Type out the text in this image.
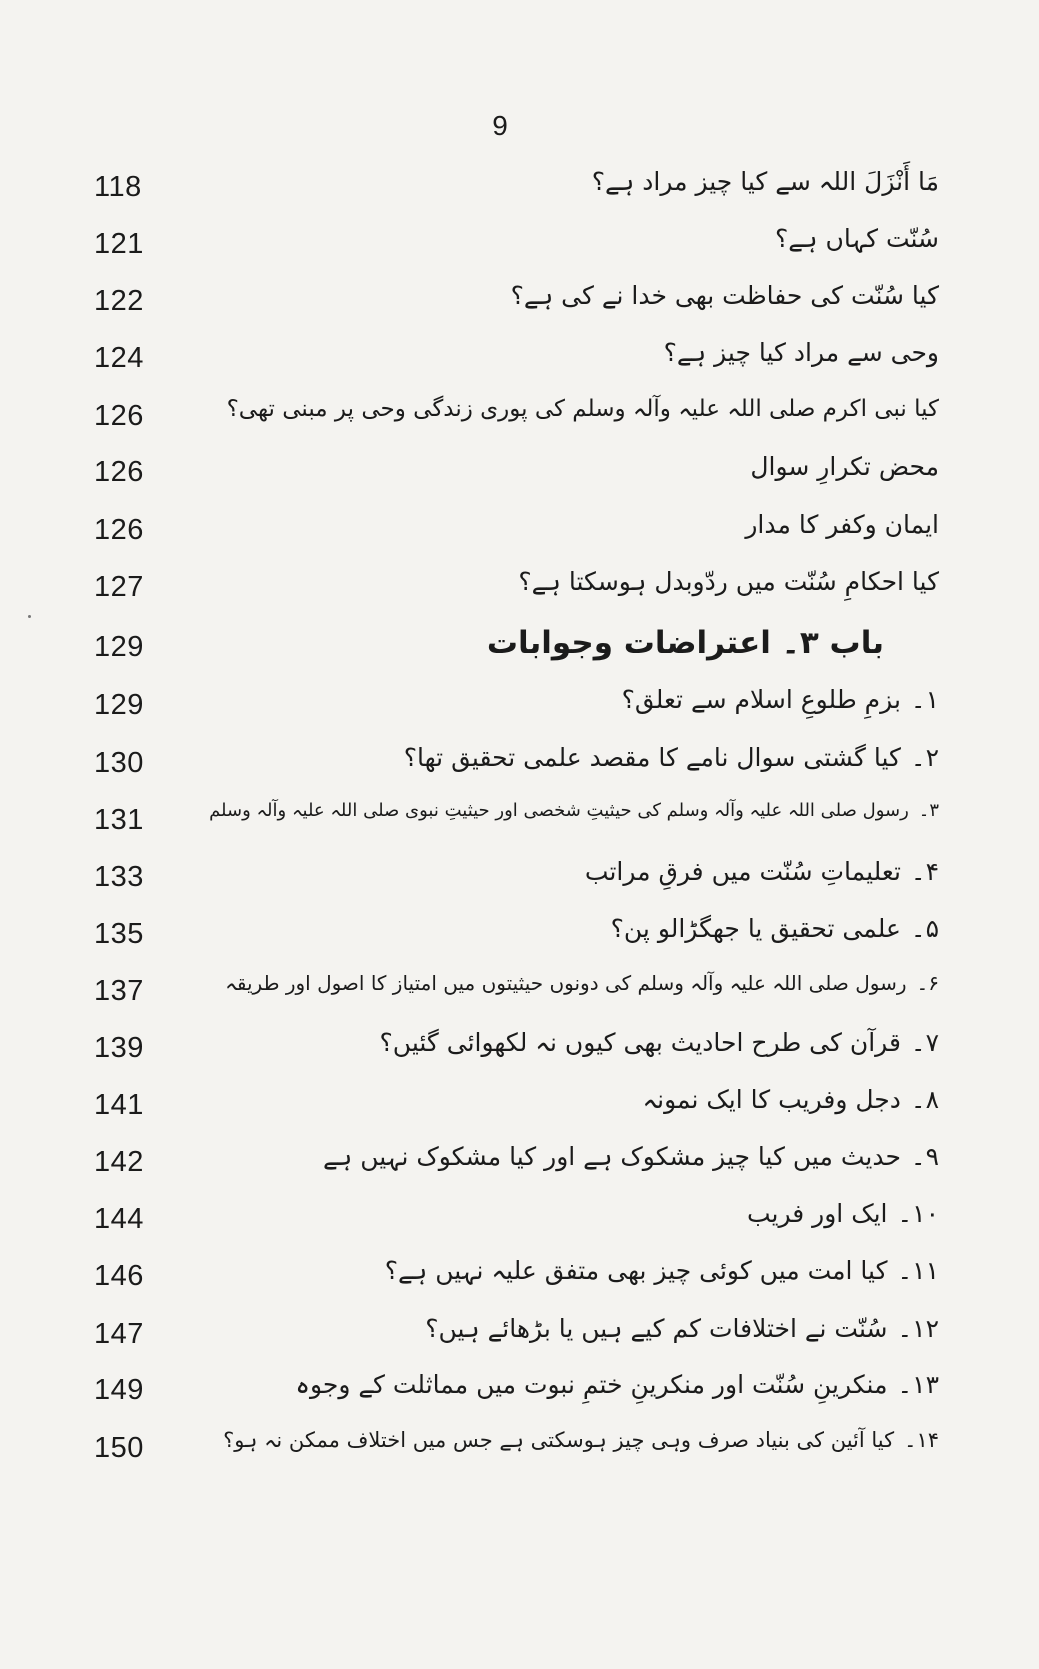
9
118	مَا أَنْزَلَ اللہ سے کیا چیز مراد ہے؟
121	سُنّت کہاں ہے؟
122	کیا سُنّت کی حفاظت بھی خدا نے کی ہے؟
124	وحی سے مراد کیا چیز ہے؟
126	کیا نبی اکرم صلی اللہ علیہ وآلہ وسلم کی پوری زندگی وحی پر مبنی تھی؟
126	محض تکرارِ سوال
126	ایمان وکفر کا مدار
127	کیا احکامِ سُنّت میں ردّوبدل ہوسکتا ہے؟
129	باب ۳۔ اعتراضات وجوابات
129	۱۔بزمِ طلوعِ اسلام سے تعلق؟
130	۲۔کیا گشتی سوال نامے کا مقصد علمی تحقیق تھا؟
131	۳۔رسول صلی اللہ علیہ وآلہ وسلم کی حیثیتِ شخصی اور حیثیتِ نبوی صلی اللہ علیہ وآلہ وسلم
133	۴۔تعلیماتِ سُنّت میں فرقِ مراتب
135	۵۔علمی تحقیق یا جھگڑالو پن؟
137	۶۔رسول صلی اللہ علیہ وآلہ وسلم کی دونوں حیثیتوں میں امتیاز کا اصول اور طریقہ
139	۷۔قرآن کی طرح احادیث بھی کیوں نہ لکھوائی گئیں؟
141	۸۔دجل وفریب کا ایک نمونہ
142	۹۔حدیث میں کیا چیز مشکوک ہے اور کیا مشکوک نہیں ہے
144	۱۰۔ایک اور فریب
146	۱۱۔کیا امت میں کوئی چیز بھی متفق علیہ نہیں ہے؟
147	۱۲۔سُنّت نے اختلافات کم کیے ہیں یا بڑھائے ہیں؟
149	۱۳۔منکرینِ سُنّت اور منکرینِ ختمِ نبوت میں مماثلت کے وجوہ
150	۱۴۔کیا آئین کی بنیاد صرف وہی چیز ہوسکتی ہے جس میں اختلاف ممکن نہ ہو؟
